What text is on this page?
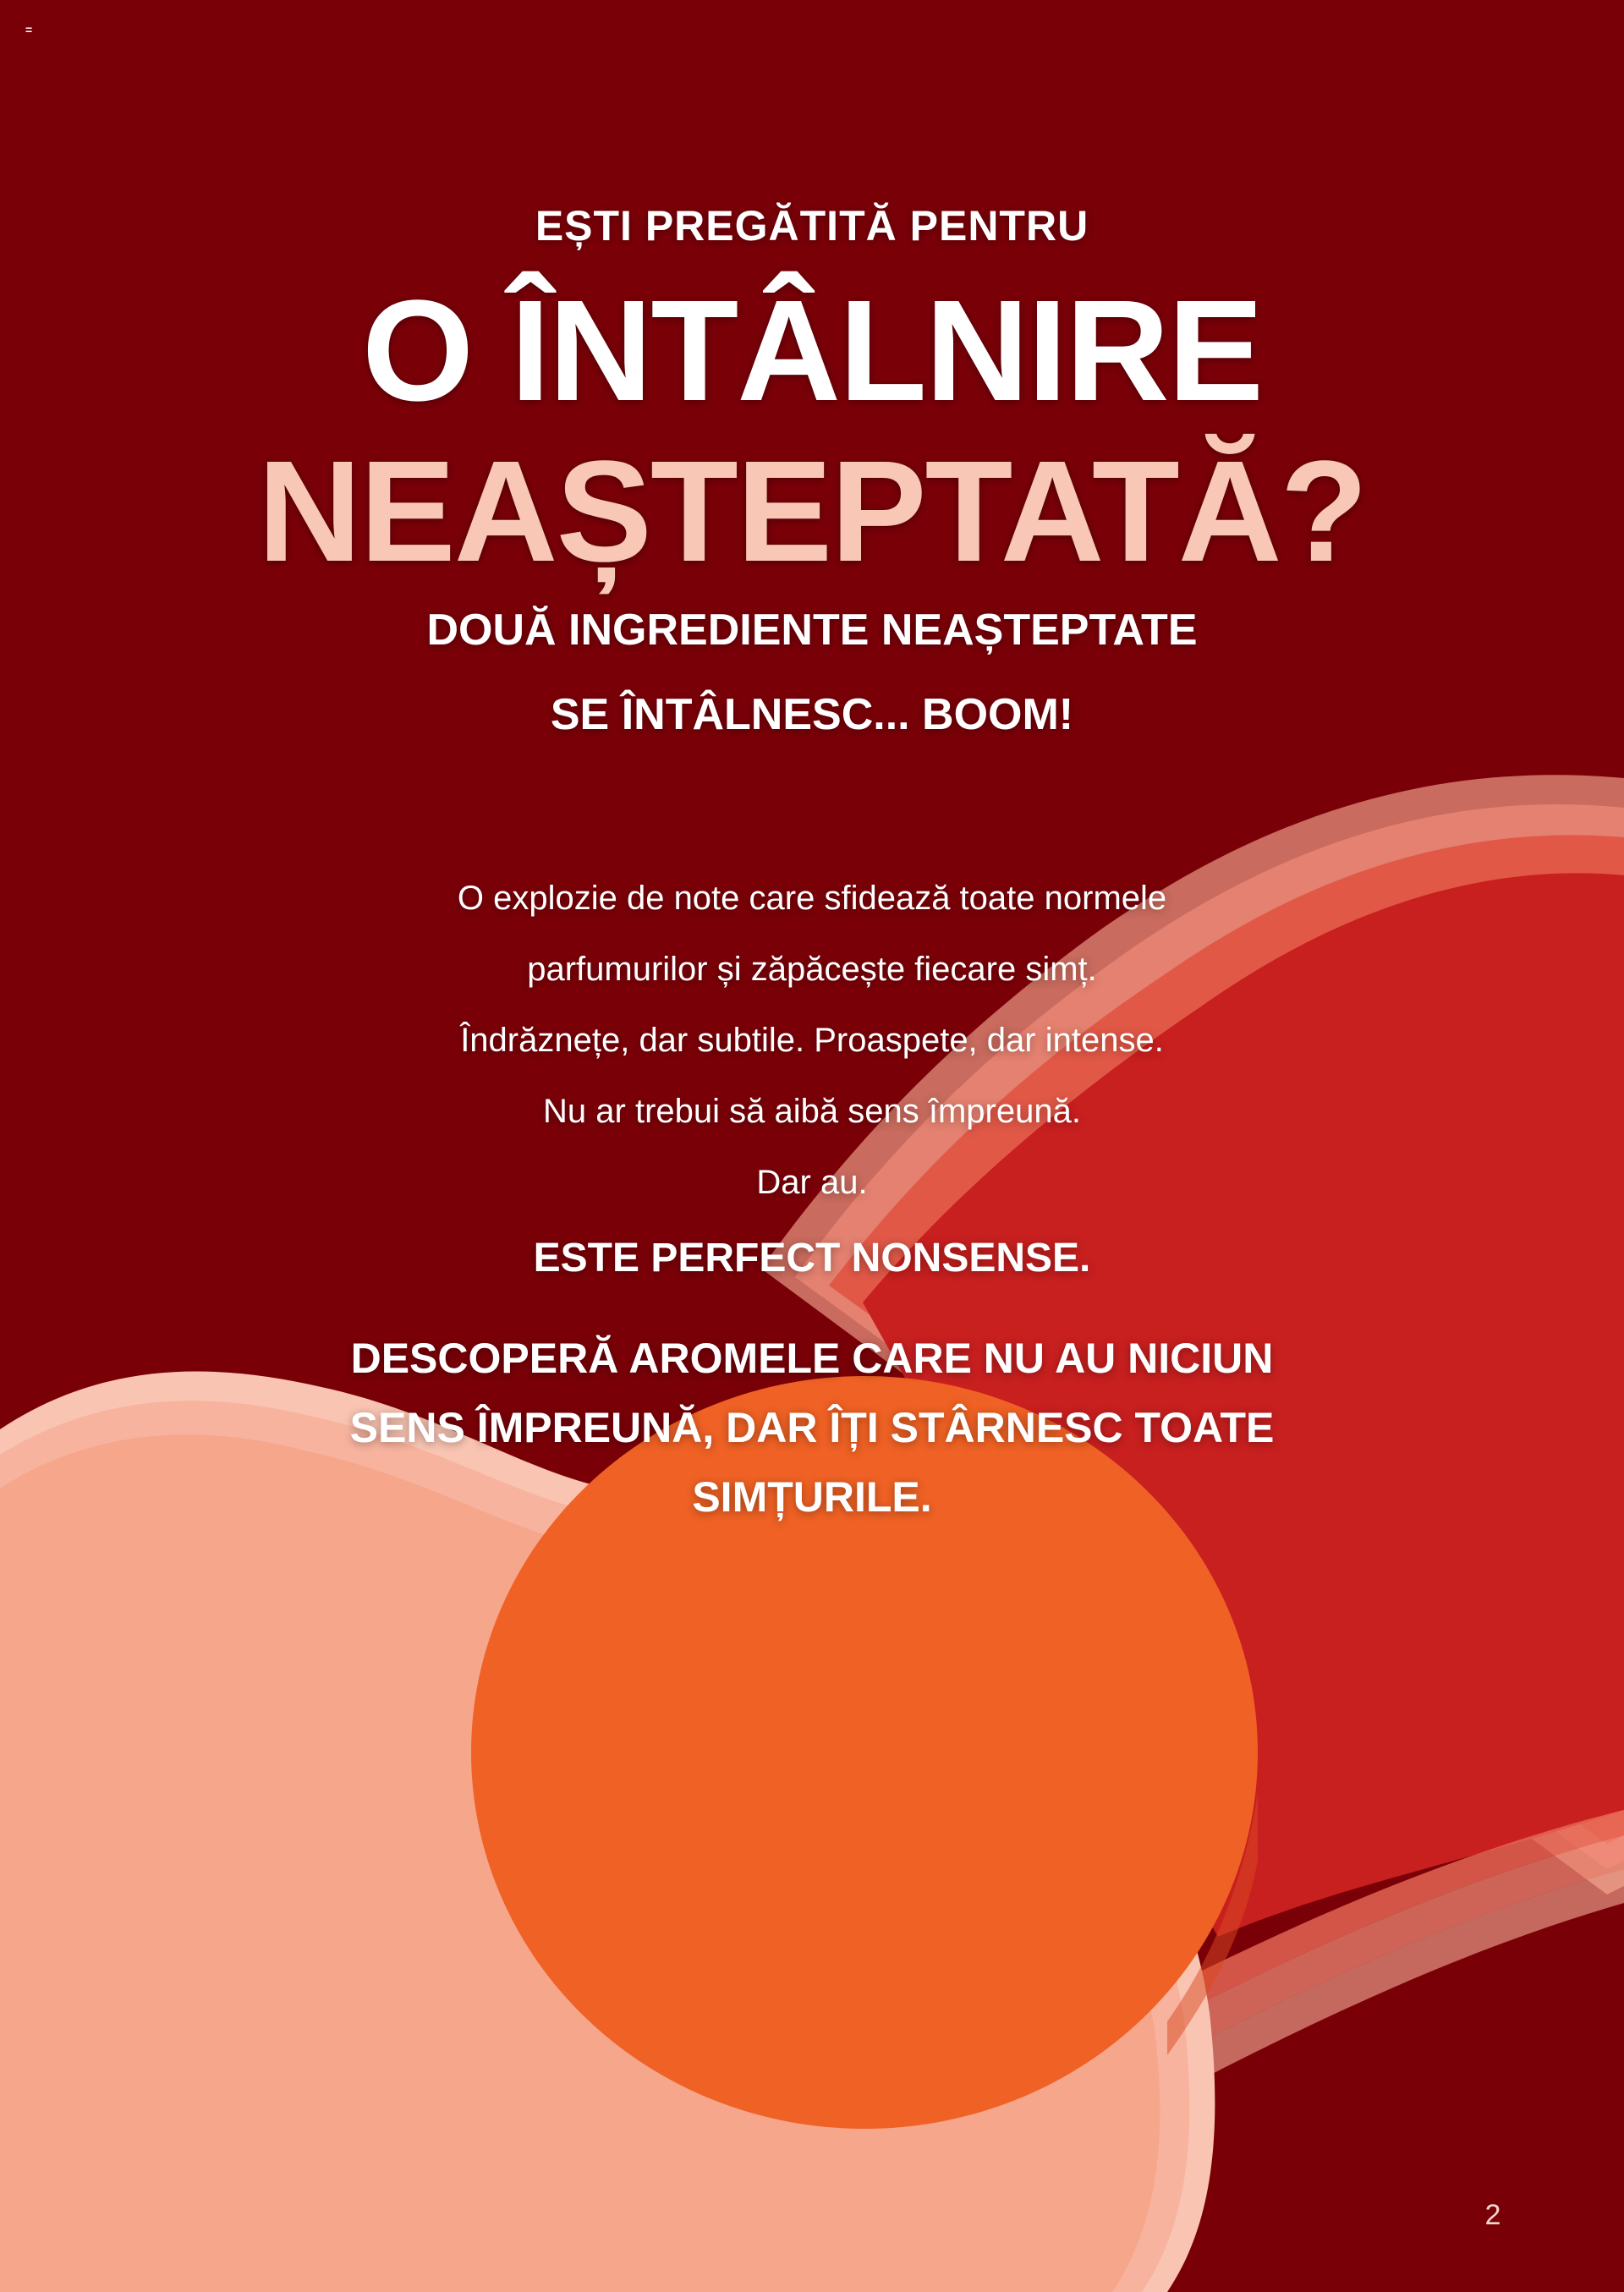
=
EȘTI PREGĂTITĂ PENTRU
O ÎNTÂLNIRE
NEAȘTEPTATĂ?
DOUĂ INGREDIENTE NEAȘTEPTATE
SE ÎNTÂLNESC... BOOM!
O explozie de note care sfidează toate normele
parfumurilor și zăpăcește fiecare simț.
Îndrăznețe, dar subtile. Proaspete, dar intense.
Nu ar trebui să aibă sens împreună.
Dar au.
ESTE PERFECT NONSENSE.
DESCOPERĂ AROMELE CARE NU AU NICIUN
SENS ÎMPREUNĂ, DAR ÎȚI STÂRNESC TOATE
SIMȚURILE.
2
